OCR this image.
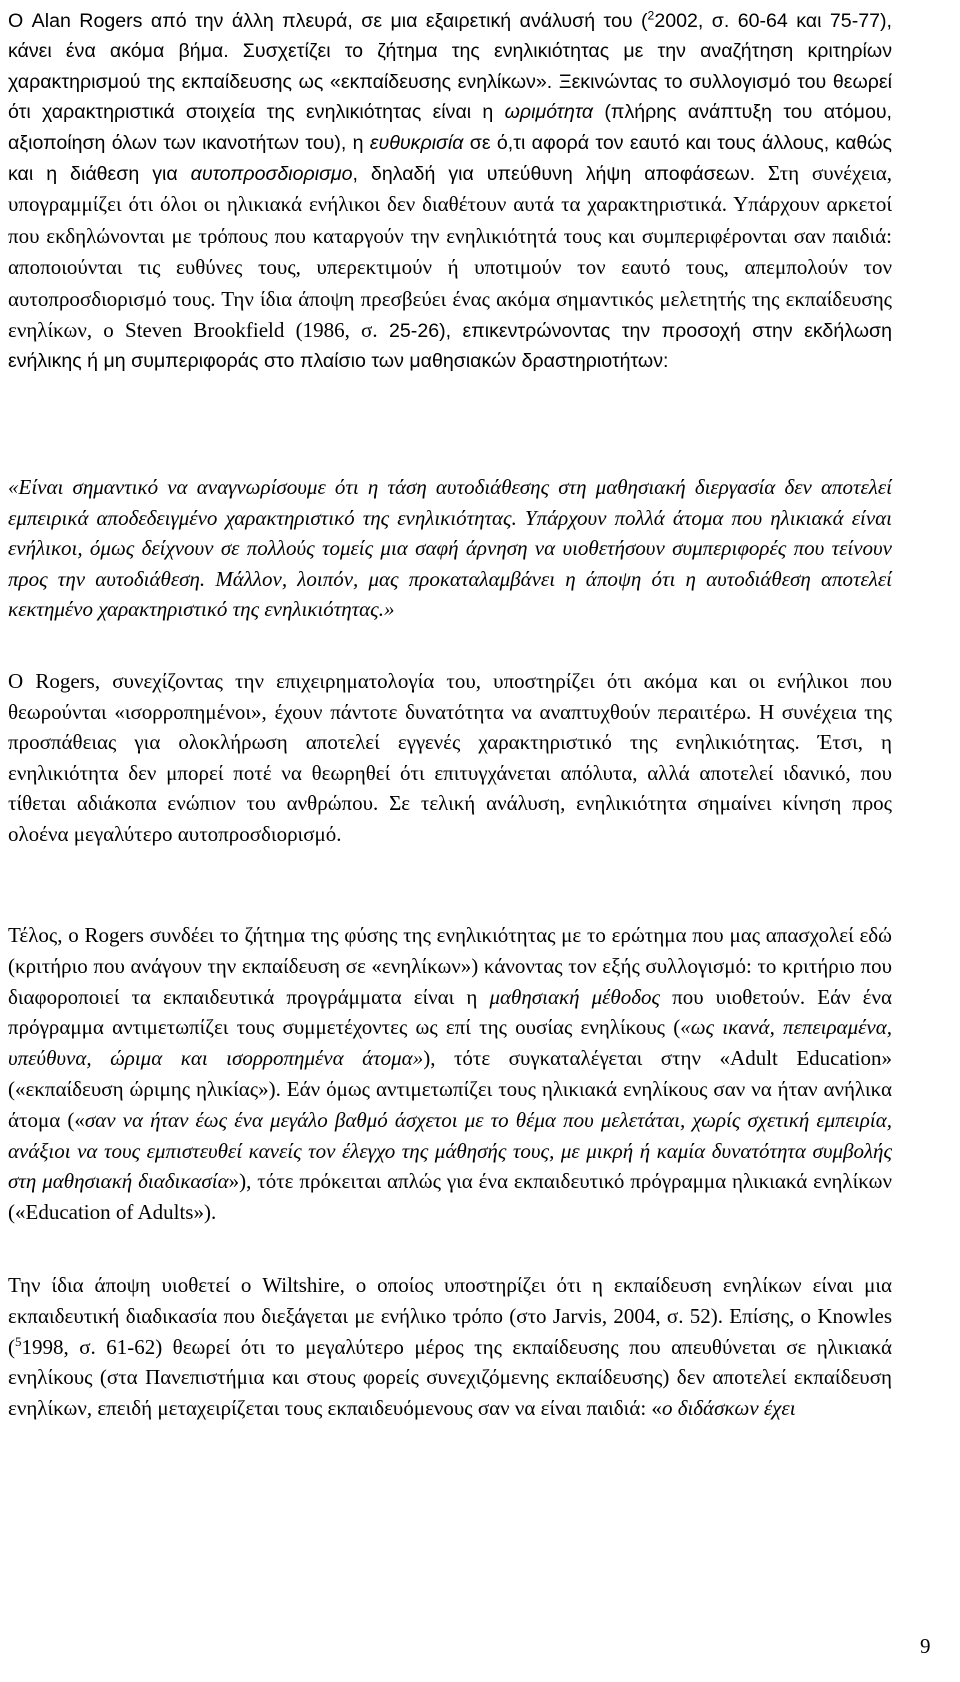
Ο Alan Rogers από την άλλη πλευρά, σε μια εξαιρετική ανάλυσή του ($^2$2002, σ. 60-64 και 75-77), κάνει ένα ακόμα βήμα. Συσχετίζει το ζήτημα της ενηλικιότητας με την αναζήτηση κριτηρίων χαρακτηρισμού της εκπαίδευσης ως «εκπαίδευσης ενηλίκων». Ξεκινώντας το συλλογισμό του θεωρεί ότι χαρακτηριστικά στοιχεία της ενηλικιότητας είναι η ωριμότητα (πλήρης ανάπτυξη του ατόμου, αξιοποίηση όλων των ικανοτήτων του), η ευθυκρισία σε ό,τι αφορά τον εαυτό και τους άλλους, καθώς και η διάθεση για αυτοπροσδιορισμο, δηλαδή για υπεύθυνη λήψη αποφάσεων. Στη συνέχεια, υπογραμμίζει ότι όλοι οι ηλικιακά ενήλικοι δεν διαθέτουν αυτά τα χαρακτηριστικά. Υπάρχουν αρκετοί που εκδηλώνονται με τρόπους που καταργούν την ενηλικιότητά τους και συμπεριφέρονται σαν παιδιά: αποποιούνται τις ευθύνες τους, υπερεκτιμούν ή υποτιμούν τον εαυτό τους, απεμπολούν τον αυτοπροσδιορισμό τους. Την ίδια άποψη πρεσβεύει ένας ακόμα σημαντικός μελετητής της εκπαίδευσης ενηλίκων, ο Steven Brookfield (1986, σ. 25-26), επικεντρώνοντας την προσοχή στην εκδήλωση ενήλικης ή μη συμπεριφοράς στο πλαίσιο των μαθησιακών δραστηριοτήτων:

«Είναι σημαντικό να αναγνωρίσουμε ότι η τάση αυτοδιάθεσης στη μαθησιακή διεργασία δεν αποτελεί εμπειρικά αποδεδειγμένο χαρακτηριστικό της ενηλικιότητας. Υπάρχουν πολλά άτομα που ηλικιακά είναι ενήλικοι, όμως δείχνουν σε πολλούς τομείς μια σαφή άρνηση να υιοθετήσουν συμπεριφορές που τείνουν προς την αυτοδιάθεση. Μάλλον, λοιπόν, μας προκαταλαμβάνει η άποψη ότι η αυτοδιάθεση αποτελεί κεκτημένο χαρακτηριστικό της ενηλικιότητας.»

Ο Rogers, συνεχίζοντας την επιχειρηματολογία του, υποστηρίζει ότι ακόμα και οι ενήλικοι που θεωρούνται «ισορροπημένοι», έχουν πάντοτε δυνατότητα να αναπτυχθούν περαιτέρω. Η συνέχεια της προσπάθειας για ολοκλήρωση αποτελεί εγγενές χαρακτηριστικό της ενηλικιότητας. Έτσι, η ενηλικιότητα δεν μπορεί ποτέ να θεωρηθεί ότι επιτυγχάνεται απόλυτα, αλλά αποτελεί ιδανικό, που τίθεται αδιάκοπα ενώπιον του ανθρώπου. Σε τελική ανάλυση, ενηλικιότητα σημαίνει κίνηση προς ολοένα μεγαλύτερο αυτοπροσδιορισμό.

Τέλος, ο Rogers συνδέει το ζήτημα της φύσης της ενηλικιότητας με το ερώτημα που μας απασχολεί εδώ (κριτήριο που ανάγουν την εκπαίδευση σε «ενηλίκων») κάνοντας τον εξής συλλογισμό: το κριτήριο που διαφοροποιεί τα εκπαιδευτικά προγράμματα είναι η μαθησιακή μέθοδος που υιοθετούν. Εάν ένα πρόγραμμα αντιμετωπίζει τους συμμετέχοντες ως επί της ουσίας ενηλίκους («ως ικανά, πεπειραμένα, υπεύθυνα, ώριμα και ισορροπημένα άτομα»), τότε συγκαταλέγεται στην «Adult Education» («εκπαίδευση ώριμης ηλικίας»). Εάν όμως αντιμετωπίζει τους ηλικιακά ενηλίκους σαν να ήταν ανήλικα άτομα («σαν να ήταν έως ένα μεγάλο βαθμό άσχετοι με το θέμα που μελετάται, χωρίς σχετική εμπειρία, ανάξιοι να τους εμπιστευθεί κανείς τον έλεγχο της μάθησής τους, με μικρή ή καμία δυνατότητα συμβολής στη μαθησιακή διαδικασία»), τότε πρόκειται απλώς για ένα εκπαιδευτικό πρόγραμμα ηλικιακά ενηλίκων («Education of Adults»).

Την ίδια άποψη υιοθετεί ο Wiltshire, ο οποίος υποστηρίζει ότι η εκπαίδευση ενηλίκων είναι μια εκπαιδευτική διαδικασία που διεξάγεται με ενήλικο τρόπο (στο Jarvis, 2004, σ. 52). Επίσης, ο Knowles ($^5$1998, σ. 61-62) θεωρεί ότι το μεγαλύτερο μέρος της εκπαίδευσης που απευθύνεται σε ηλικιακά ενηλίκους (στα Πανεπιστήμια και στους φορείς συνεχιζόμενης εκπαίδευσης) δεν αποτελεί εκπαίδευση ενηλίκων, επειδή μεταχειρίζεται τους εκπαιδευόμενους σαν να είναι παιδιά: «ο διδάσκων έχει

9
